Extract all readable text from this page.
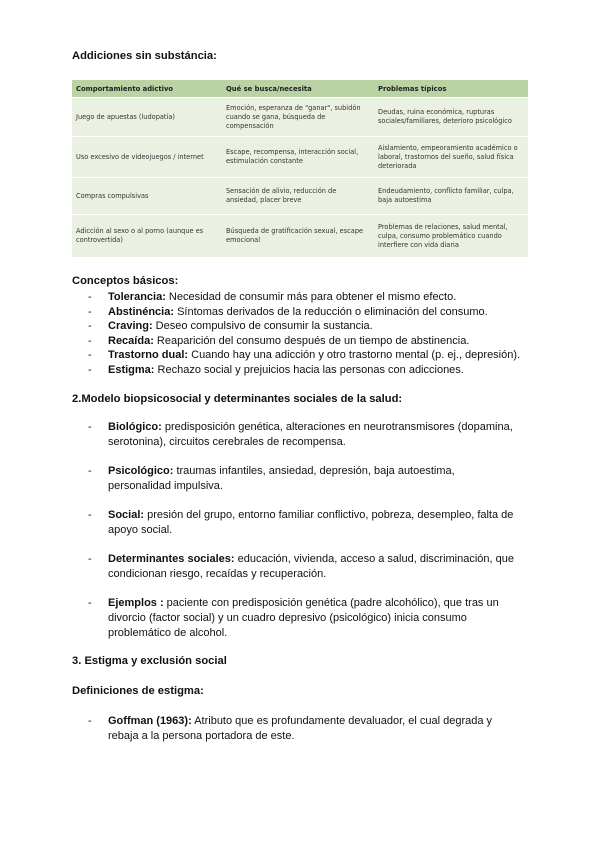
Addiciones sin substáncia:
Comportamiento adictivo	Qué se busca/necesita	Problemas típicos
Juego de apuestas (ludopatía)	Emoción, esperanza de "ganar", subidón cuando se gana, búsqueda de compensación	Deudas, ruina económica, rupturas sociales/familiares, deterioro psicológico
Uso excesivo de videojuegos / internet	Escape, recompensa, interacción social, estimulación constante	Aislamiento, empeoramiento académico o laboral, trastornos del sueño, salud física deteriorada
Compras compulsivas	Sensación de alivio, reducción de ansiedad, placer breve	Endeudamiento, conflicto familiar, culpa, baja autoestima
Adicción al sexo o al porno (aunque es controvertida)	Búsqueda de gratificación sexual, escape emocional	Problemas de relaciones, salud mental, culpa, consumo problemático cuando interfiere con vida diaria
Conceptos básicos:
- Tolerancia: Necesidad de consumir más para obtener el mismo efecto.
- Abstinéncia: Síntomas derivados de la reducción o eliminación del consumo.
- Craving: Deseo compulsivo de consumir la sustancia.
- Recaída: Reaparición del consumo después de un tiempo de abstinencia.
- Trastorno dual: Cuando hay una adicción y otro trastorno mental (p. ej., depresión).
- Estigma: Rechazo social y prejuicios hacia las personas con adicciones.
2.Modelo biopsicosocial y determinantes sociales de la salud:
-	Biológico: predisposición genética, alteraciones en neurotransmisores (dopamina, serotonina), circuitos cerebrales de recompensa.
-	Psicológico: traumas infantiles, ansiedad, depresión, baja autoestima, personalidad impulsiva.
-	Social: presión del grupo, entorno familiar conflictivo, pobreza, desempleo, falta de apoyo social.
-	Determinantes sociales: educación, vivienda, acceso a salud, discriminación, que condicionan riesgo, recaídas y recuperación.
-	Ejemplos : paciente con predisposición genética (padre alcohólico), que tras un divorcio (factor social) y un cuadro depresivo (psicológico) inicia consumo problemático de alcohol.
3. Estigma y exclusión social
Definiciones de estigma:
-	Goffman (1963): Atributo que es profundamente devaluador, el cual degrada y rebaja a la persona portadora de este.
